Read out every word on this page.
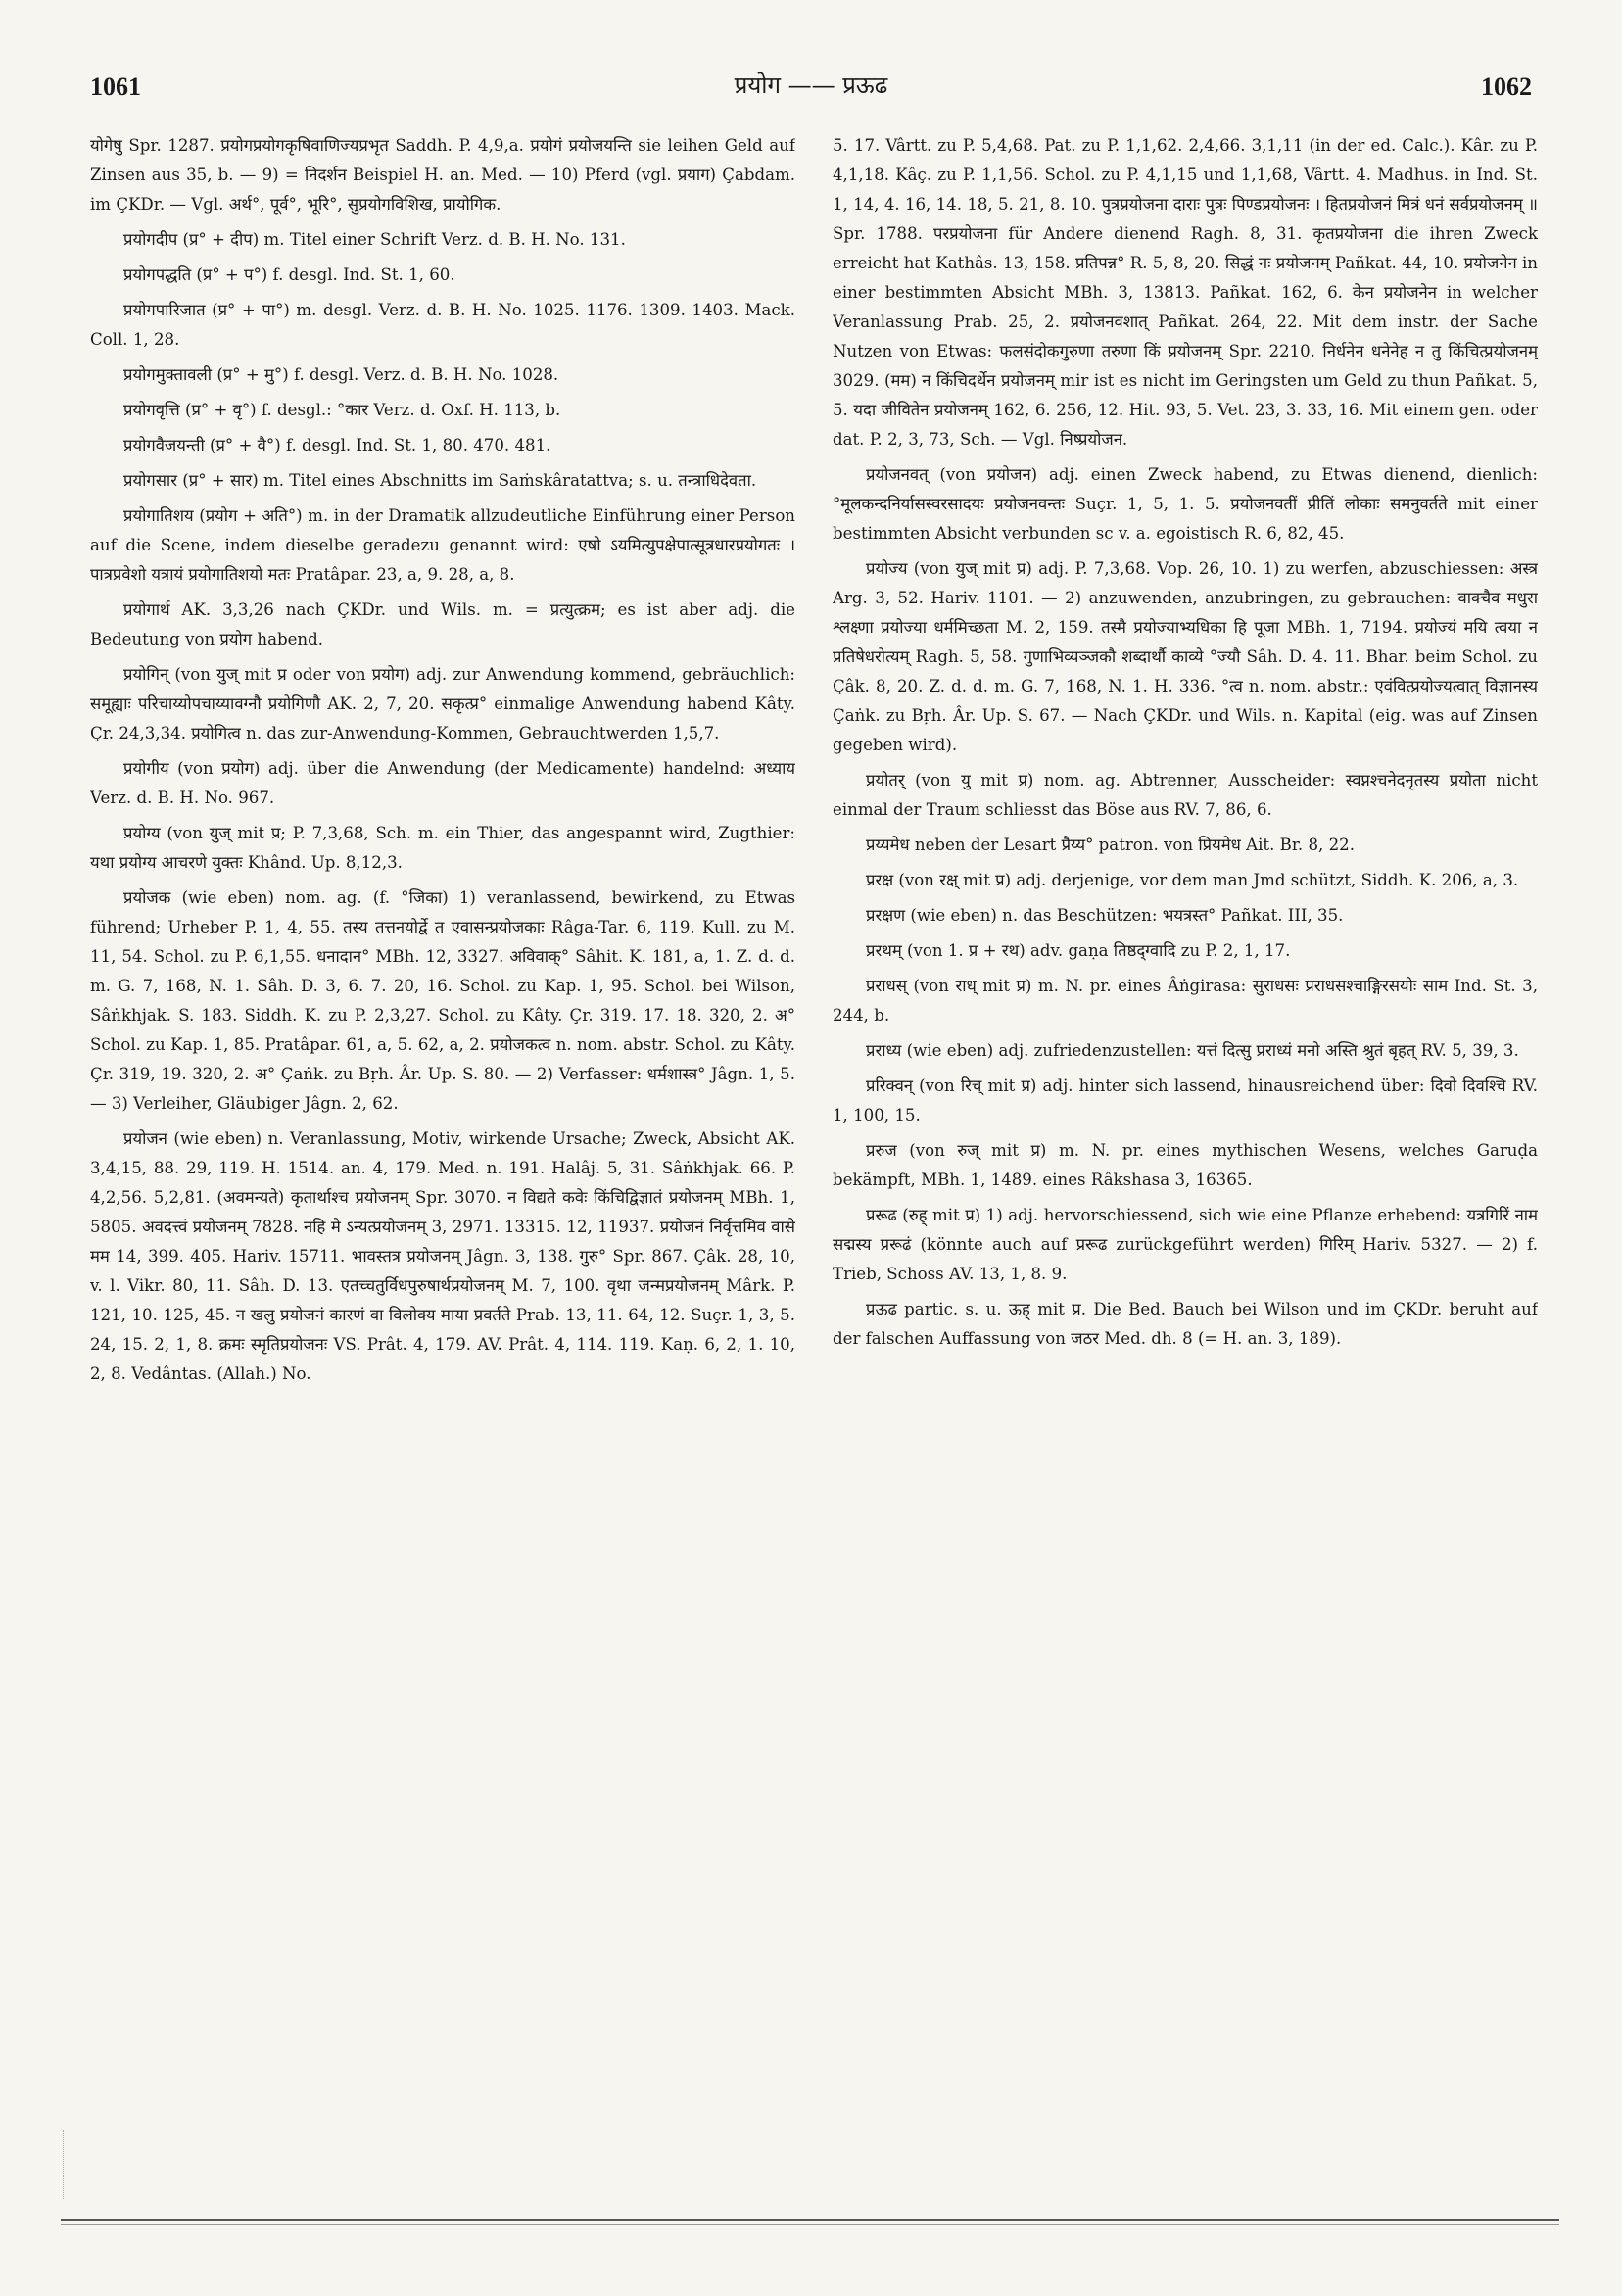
1061	प्रयोग —— प्रऊढ	1062

योगेषु Spr. 1287. प्रयोगप्रयोगकृषिवाणिज्यप्रभृत Saddh. P. 4,9,a. प्रयोगं प्रयोजयन्ति sie leihen Geld auf Zinsen aus 35, b. — 9) = निदर्शन Beispiel H. an. Med. — 10) Pferd (vgl. प्रयाग) Çabdam. im ÇKDr. — Vgl. अर्थ°, पूर्व°, भूरि°, सुप्रयोगविशिख, प्रायोगिक.

प्रयोगदीप (प्र° + दीप) m. Titel einer Schrift Verz. d. B. H. No. 131.

प्रयोगपद्धति (प्र° + प°) f. desgl. Ind. St. 1, 60.

प्रयोगपारिजात (प्र° + पा°) m. desgl. Verz. d. B. H. No. 1025. 1176. 1309. 1403. Mack. Coll. 1, 28.

प्रयोगमुक्तावली (प्र° + मु°) f. desgl. Verz. d. B. H. No. 1028.

प्रयोगवृत्ति (प्र° + वृ°) f. desgl.: °कार Verz. d. Oxf. H. 113, b.

प्रयोगवैजयन्ती (प्र° + वै°) f. desgl. Ind. St. 1, 80. 470. 481.

प्रयोगसार (प्र° + सार) m. Titel eines Abschnitts im Saṁskâratattva; s. u. तन्त्राधिदेवता.

प्रयोगातिशय (प्रयोग + अति°) m. in der Dramatik allzudeutliche Einführung einer Person auf die Scene, indem dieselbe geradezu genannt wird: एषो ऽयमित्युपक्षेपात्सूत्रधारप्रयोगतः । पात्रप्रवेशो यत्रायं प्रयोगातिशयो मतः Pratâpar. 23, a, 9. 28, a, 8.

प्रयोगार्थ AK. 3,3,26 nach ÇKDr. und Wils. m. = प्रत्युत्क्रम; es ist aber adj. die Bedeutung von प्रयोग habend.

प्रयोगिन् (von युज् mit प्र oder von प्रयोग) adj. zur Anwendung kommend, gebräuchlich: समूह्याः परिचाय्योपचाय्यावग्नौ प्रयोगिणौ AK. 2, 7, 20. सकृत्प्र° einmalige Anwendung habend Kâty. Çr. 24,3,34. प्रयोगित्व n. das zur-Anwendung-Kommen, Gebrauchtwerden 1,5,7.

प्रयोगीय (von प्रयोग) adj. über die Anwendung (der Medicamente) handelnd: अध्याय Verz. d. B. H. No. 967.

प्रयोग्य (von युज् mit प्र; P. 7,3,68, Sch. m. ein Thier, das angespannt wird, Zugthier: यथा प्रयोग्य आचरणे युक्तः Khând. Up. 8,12,3.

प्रयोजक (wie eben) nom. ag. (f. °जिका) 1) veranlassend, bewirkend, zu Etwas führend; Urheber P. 1, 4, 55. तस्य तत्तनयोर्द्वे त एवासन्प्रयोजकाः Râga-Tar. 6, 119. Kull. zu M. 11, 54. Schol. zu P. 6,1,55. धनादान° MBh. 12, 3327. अविवाक्° Sâhit. K. 181, a, 1. Z. d. d. m. G. 7, 168, N. 1. Sâh. D. 3, 6. 7. 20, 16. Schol. zu Kap. 1, 95. Schol. bei Wilson, Sâṅkhjak. S. 183. Siddh. K. zu P. 2,3,27. Schol. zu Kâty. Çr. 319. 17. 18. 320, 2. अ° Schol. zu Kap. 1, 85. Pratâpar. 61, a, 5. 62, a, 2. प्रयोजकत्व n. nom. abstr. Schol. zu Kâty. Çr. 319, 19. 320, 2. अ° Çaṅk. zu Bṛh. Âr. Up. S. 80. — 2) Verfasser: धर्मशास्त्र° Jâgn. 1, 5. — 3) Verleiher, Gläubiger Jâgn. 2, 62.

प्रयोजन (wie eben) n. Veranlassung, Motiv, wirkende Ursache; Zweck, Absicht AK. 3,4,15, 88. 29, 119. H. 1514. an. 4, 179. Med. n. 191. Halâj. 5, 31. Sâṅkhjak. 66. P. 4,2,56. 5,2,81. (अवमन्यते) कृतार्थाश्च प्रयोजनम् Spr. 3070. न विद्यते कवेः किंचिद्विज्ञातं प्रयोजनम् MBh. 1, 5805. अवदत्त्वं प्रयोजनम् 7828. नहि मे ऽन्यत्प्रयोजनम् 3, 2971. 13315. 12, 11937. प्रयोजनं निर्वृत्तमिव वासे मम 14, 399. 405. Hariv. 15711. भावस्तत्र प्रयोजनम् Jâgn. 3, 138. गुरु° Spr. 867. Çâk. 28, 10, v. l. Vikr. 80, 11. Sâh. D. 13. एतच्चतुर्विधपुरुषार्थप्रयोजनम् M. 7, 100. वृथा जन्मप्रयोजनम् Mârk. P. 121, 10. 125, 45. न खलु प्रयोजनं कारणं वा विलोक्य माया प्रवर्तते Prab. 13, 11. 64, 12. Suçr. 1, 3, 5. 24, 15. 2, 1, 8. क्रमः स्मृतिप्रयोजनः VS. Prât. 4, 179. AV. Prât. 4, 114. 119. Kaṇ. 6, 2, 1. 10, 2, 8. Vedântas. (Allah.) No.

5. 17. Vârtt. zu P. 5,4,68. Pat. zu P. 1,1,62. 2,4,66. 3,1,11 (in der ed. Calc.). Kâr. zu P. 4,1,18. Kâç. zu P. 1,1,56. Schol. zu P. 4,1,15 und 1,1,68, Vârtt. 4. Madhus. in Ind. St. 1, 14, 4. 16, 14. 18, 5. 21, 8. 10. पुत्रप्रयोजना दाराः पुत्रः पिण्डप्रयोजनः । हितप्रयोजनं मित्रं धनं सर्वप्रयोजनम् ॥ Spr. 1788. परप्रयोजना für Andere dienend Ragh. 8, 31. कृतप्रयोजना die ihren Zweck erreicht hat Kathâs. 13, 158. प्रतिपन्न° R. 5, 8, 20. सिद्धं नः प्रयोजनम् Pañkat. 44, 10. प्रयोजनेन in einer bestimmten Absicht MBh. 3, 13813. Pañkat. 162, 6. केन प्रयोजनेन in welcher Veranlassung Prab. 25, 2. प्रयोजनवशात् Pañkat. 264, 22. Mit dem instr. der Sache Nutzen von Etwas: फलसंदोकगुरुणा तरुणा किं प्रयोजनम् Spr. 2210. निर्धनेन धनेनेह न तु किंचित्प्रयोजनम् 3029. (मम) न किंचिदर्थेन प्रयोजनम् mir ist es nicht im Geringsten um Geld zu thun Pañkat. 5, 5. यदा जीवितेन प्रयोजनम् 162, 6. 256, 12. Hit. 93, 5. Vet. 23, 3. 33, 16. Mit einem gen. oder dat. P. 2, 3, 73, Sch. — Vgl. निष्प्रयोजन.

प्रयोजनवत् (von प्रयोजन) adj. einen Zweck habend, zu Etwas dienend, dienlich: °मूलकन्दनिर्यासस्वरसादयः प्रयोजनवन्तः Suçr. 1, 5, 1. 5. प्रयोजनवतीं प्रीतिं लोकाः समनुवर्तते mit einer bestimmten Absicht verbunden sc v. a. egoistisch R. 6, 82, 45.

प्रयोज्य (von युज् mit प्र) adj. P. 7,3,68. Vop. 26, 10. 1) zu werfen, abzuschiessen: अस्त्र Arg. 3, 52. Hariv. 1101. — 2) anzuwenden, anzubringen, zu gebrauchen: वाक्चैव मधुरा श्लक्ष्णा प्रयोज्या धर्ममिच्छता M. 2, 159. तस्मै प्रयोज्याभ्यधिका हि पूजा MBh. 1, 7194. प्रयोज्यं मयि त्वया न प्रतिषेधरोत्यम् Ragh. 5, 58. गुणाभिव्यञ्जकौ शब्दार्थौ काव्ये °ज्यौ Sâh. D. 4. 11. Bhar. beim Schol. zu Çâk. 8, 20. Z. d. d. m. G. 7, 168, N. 1. H. 336. °त्व n. nom. abstr.: एवंवित्प्रयोज्यत्वात् विज्ञानस्य Çaṅk. zu Bṛh. Âr. Up. S. 67. — Nach ÇKDr. und Wils. n. Kapital (eig. was auf Zinsen gegeben wird).

प्रयोतर् (von यु mit प्र) nom. ag. Abtrenner, Ausscheider: स्वप्नश्चनेदनृतस्य प्रयोता nicht einmal der Traum schliesst das Böse aus RV. 7, 86, 6.

प्रय्यमेध neben der Lesart प्रैय्य° patron. von प्रियमेध Ait. Br. 8, 22.

प्ररक्ष (von रक्ष् mit प्र) adj. derjenige, vor dem man Jmd schützt, Siddh. K. 206, a, 3.

प्ररक्षण (wie eben) n. das Beschützen: भयत्रस्त° Pañkat. III, 35.

प्ररथम् (von 1. प्र + रथ) adv. gaṇa तिष्ठद्ग्वादि zu P. 2, 1, 17.

प्रराधस् (von राध् mit प्र) m. N. pr. eines Âṅgirasa: सुराधसः प्रराधसश्चाङ्गिरसयोः साम Ind. St. 3, 244, b.

प्रराध्य (wie eben) adj. zufriedenzustellen: यत्तं दित्सु प्रराध्यं मनो अस्ति श्रुतं बृहत् RV. 5, 39, 3.

प्ररिक्वन् (von रिच् mit प्र) adj. hinter sich lassend, hinausreichend über: दिवो दिवश्चि RV. 1, 100, 15.

प्ररुज (von रुज् mit प्र) m. N. pr. eines mythischen Wesens, welches Garuḍa bekämpft, MBh. 1, 1489. eines Râkshasa 3, 16365.

प्ररूढ (रुह् mit प्र) 1) adj. hervorschiessend, sich wie eine Pflanze erhebend: यत्रगिरिं नाम सद्मस्य प्ररूढं (könnte auch auf प्ररूढ zurückgeführt werden) गिरिम् Hariv. 5327. — 2) f. Trieb, Schoss AV. 13, 1, 8. 9.

प्रऊढ partic. s. u. ऊह् mit प्र. Die Bed. Bauch bei Wilson und im ÇKDr. beruht auf der falschen Auffassung von जठर Med. dh. 8 (= H. an. 3, 189).
